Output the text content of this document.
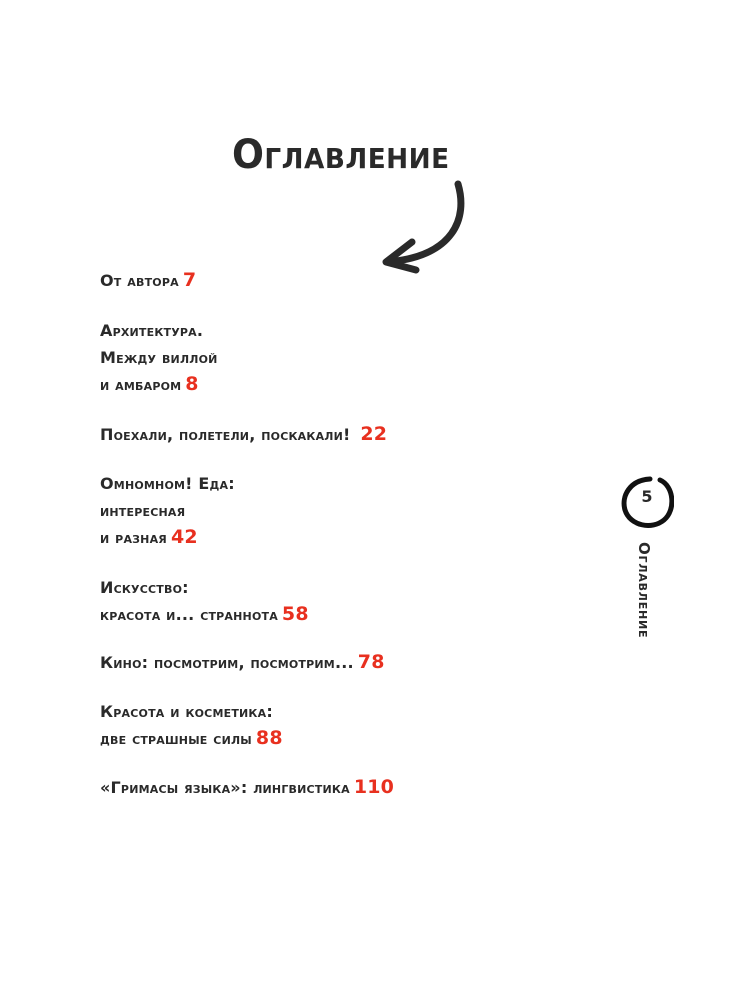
Оглавление
От автора 7
Архитектура.
Между виллой
и амбаром 8
Поехали, полетели, поскакали! 22
Омномном! Еда:
интересная
и разная 42
Искусство:
красота и... страннота 58
Кино: посмотрим, посмотрим... 78
Красота и косметика:
две страшные силы 88
«Гримасы языка»: лингвистика 110
5
Оглавление
